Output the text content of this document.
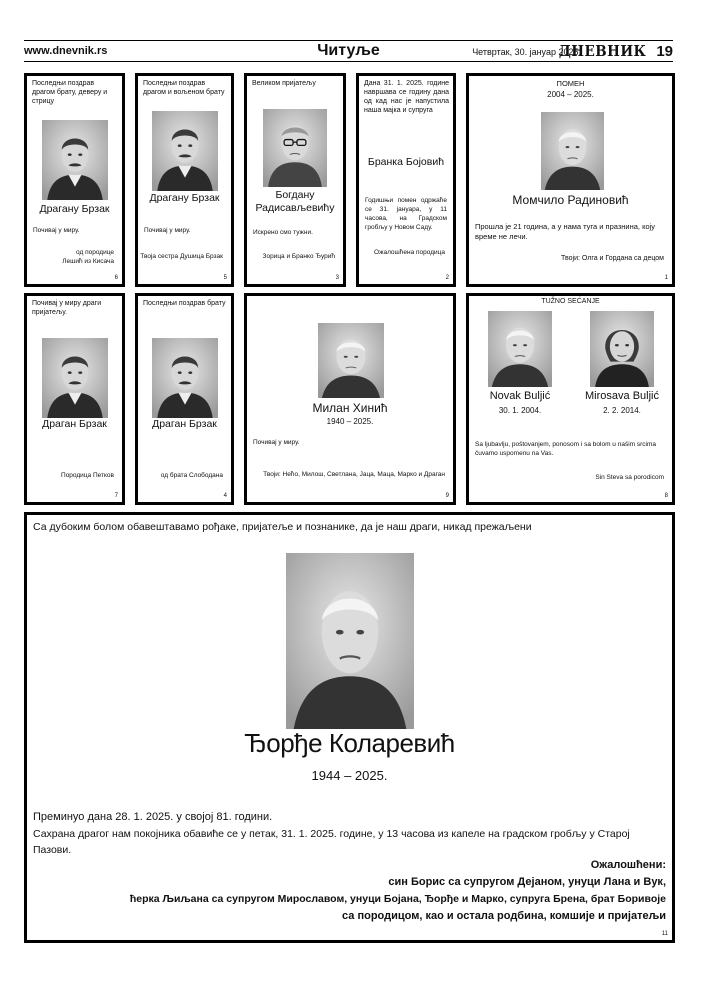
www.dnevnik.rs	Читуље	Четвртак, 30. јануар 2025.
ДНЕВНИК 19
Последњи поздрав драгом брату, деверу и стрицу
Драгану Брзак
Почивај у миру.
од породице
Лешић из Кисача
6
Последњи поздрав драгом и вољеном брату
Драгану Брзак
Почивај у миру.
Твоја сестра Душица Брзак
5
Великом пријатељу
Богдану
Радисављевићу
Искрено смо тужни.
Зорица и Бранко Ђурић
3
Дана 31. 1. 2025. године навршава се годину дана од кад нас је напустила наша мајка и супруга
Бранка Бојовић
Годишњи помен одржаће се 31. јануара, у 11 часова, на Градском гробљу у Новом Саду.
Ожалошћена породица
2
ПОМЕН
2004 – 2025.
Момчило Радиновић
Прошла је 21 година, а у нама туга и празнина, коју време не лечи.
Твоји: Олга и Гордана са децом
1
Почивај у миру драги пријатељу.
Драган Брзак
Породица Петков
7
Последњи поздрав брату
Драган Брзак
од брата Слободана
4
Милан Хинић
1940 – 2025.
Почивај у миру.
Твоји: Нећо, Милош, Светлана, Јаца, Маца, Марко и Драган
9
TUŽNO SEĆANJE
Novak Buljić
30. 1. 2004.
Mirosava Buljić
2. 2. 2014.
Sa ljubavlju, poštovanjem, ponosom i sa bolom u našim srcima čuvamo uspomenu na Vas.
Sin Steva sa porodicom
8
Са дубоким болом обавештавамо рођаке, пријатеље и познанике, да је наш драги, никад прежаљени
Ђорђе Коларевић
1944 – 2025.
Преминуо дана 28. 1. 2025. у својој 81. години.
Сахрана драгог нам покојника обавиће се у петак, 31. 1. 2025. године, у 13 часова из капеле на градском гробљу у Старој Пазови.
Ожалошћени:
син Борис са супругом Дејаном, унуци Лана и Вук,
ћерка Љиљана са супругом Мирославом, унуци Бојана, Ђорђе и Марко, супруга Брена, брат Боривоје
са породицом, као и остала родбина, комшије и пријатељи
11
